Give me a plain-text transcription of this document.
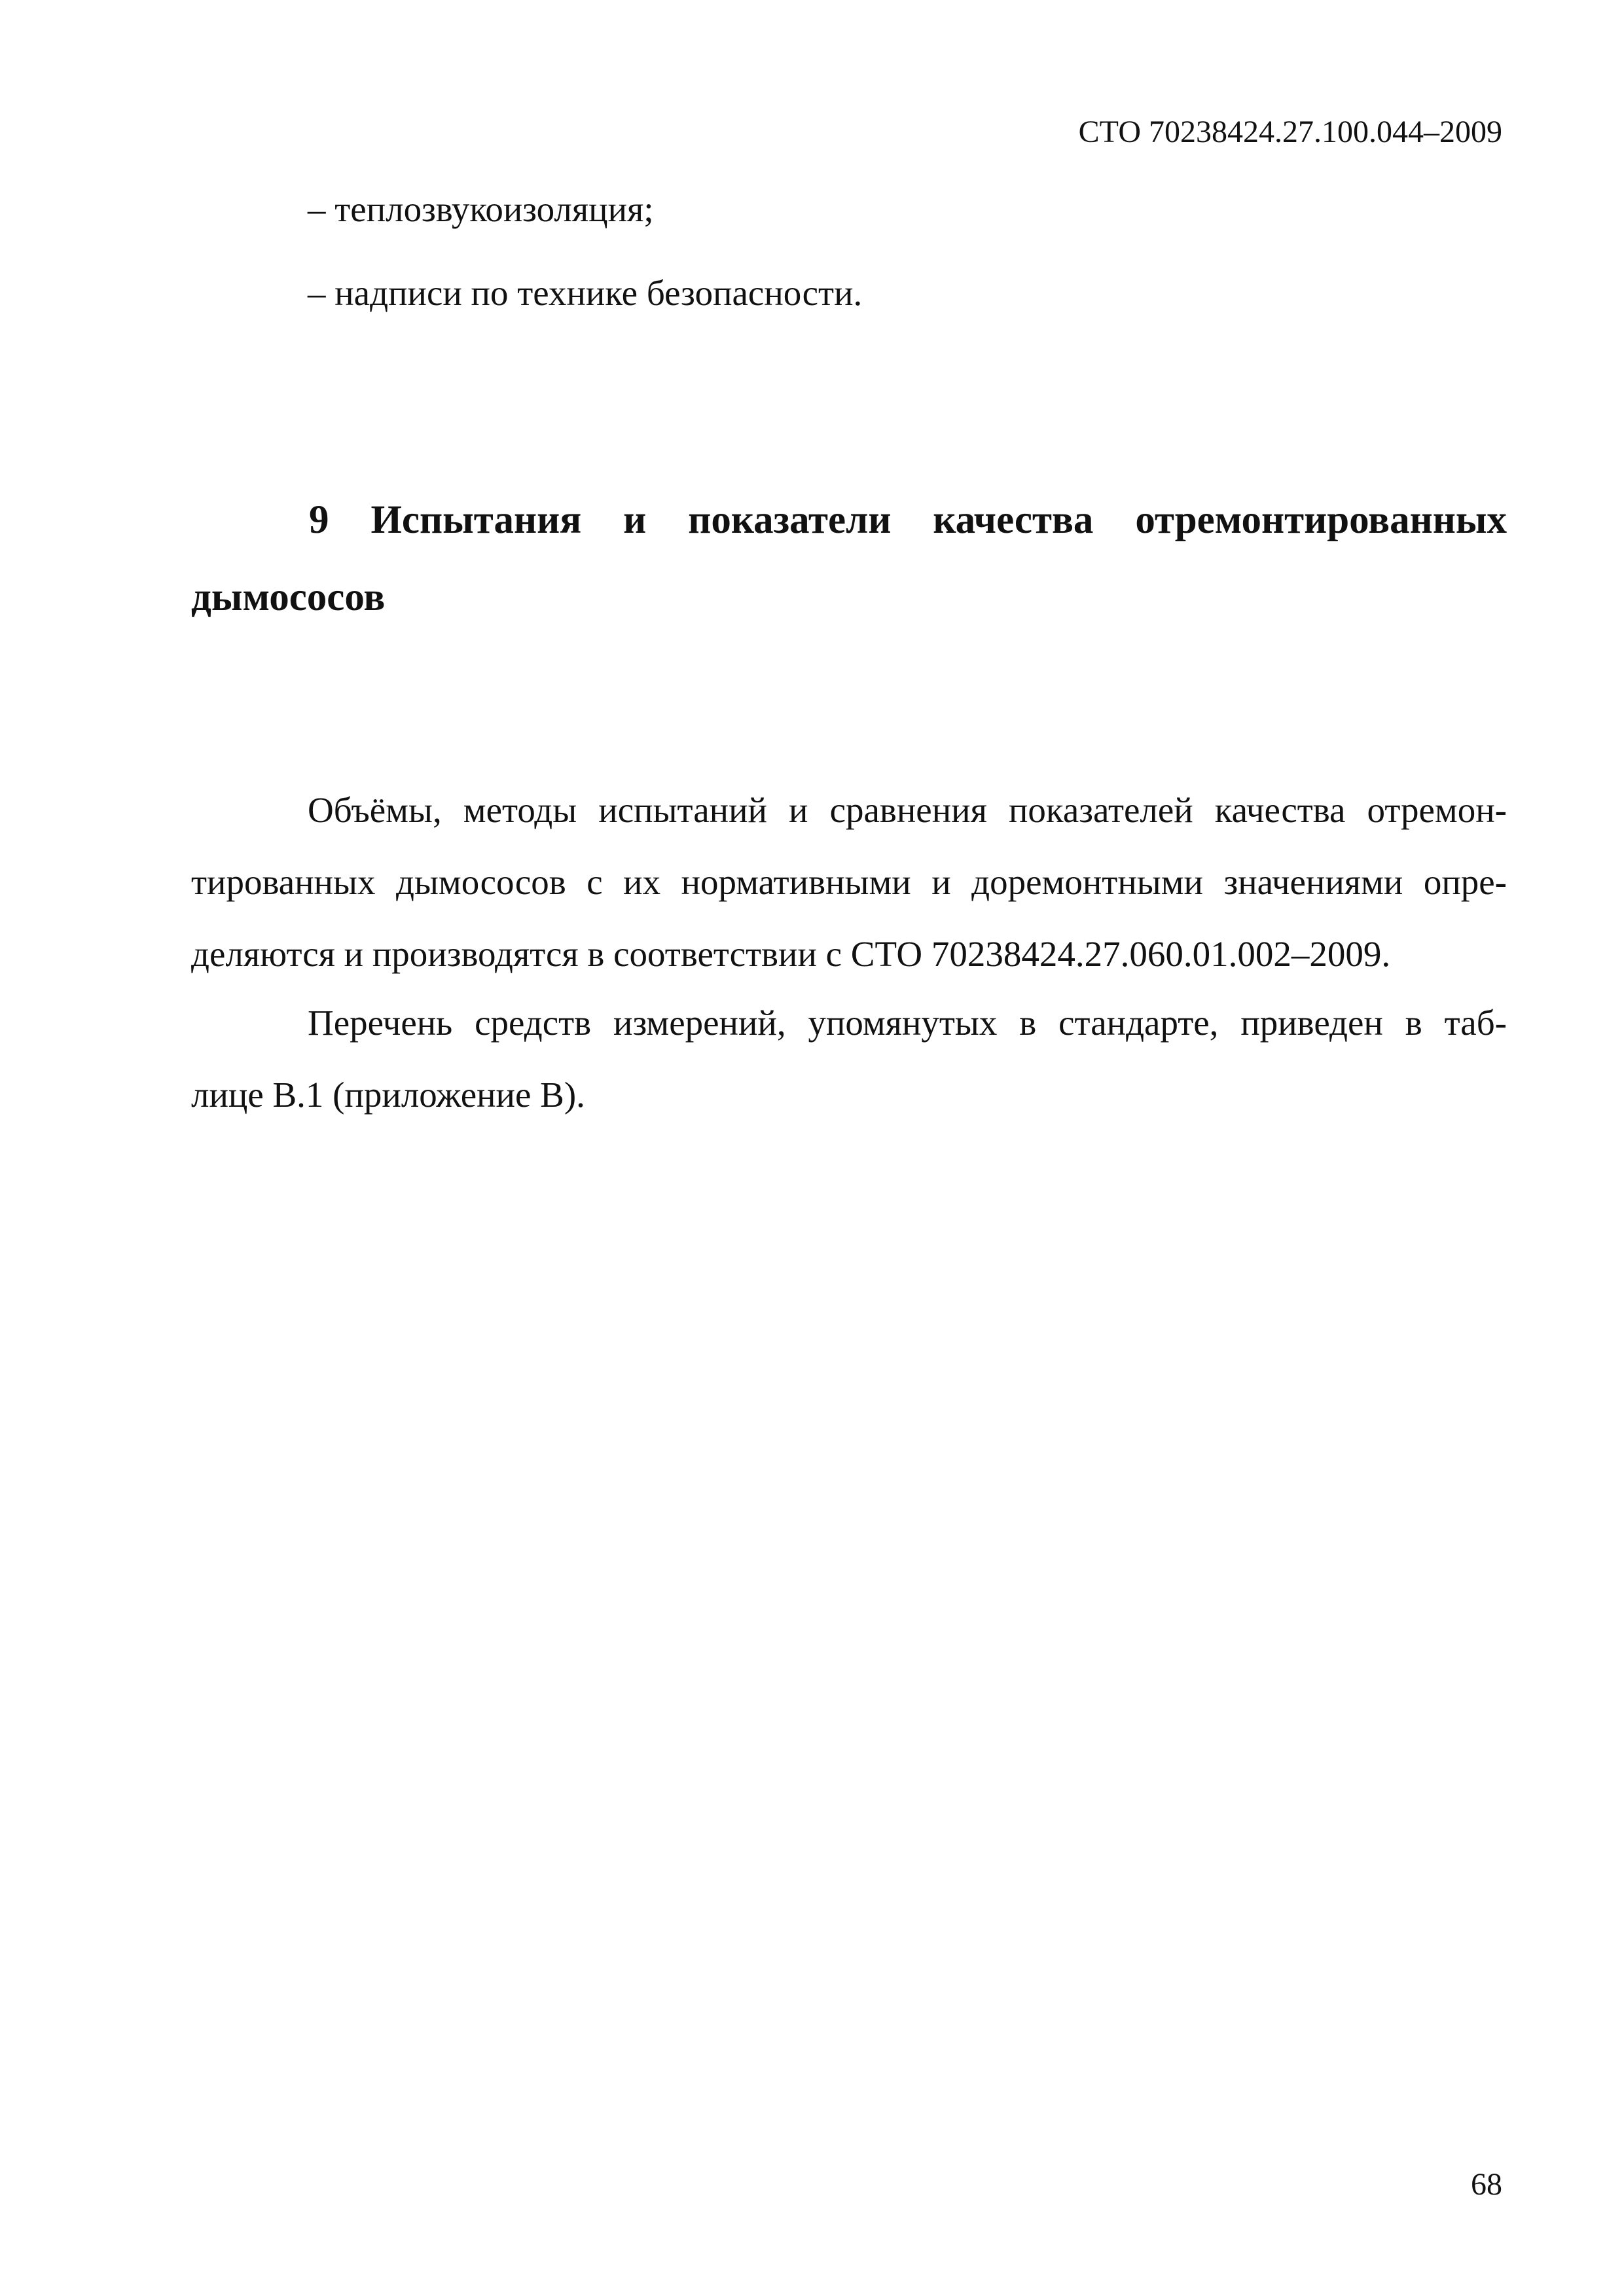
СТО 70238424.27.100.044–2009
– теплозвукоизоляция;
– надписи по технике безопасности.
9 Испытания и показатели качества отремонтированных
дымососов

Объёмы, методы испытаний и сравнения показателей качества отремон-
тированных дымососов с их нормативными и доремонтными значениями опре-
деляются и производятся в соответствии с СТО 70238424.27.060.01.002–2009.

Перечень средств измерений, упомянутых в стандарте, приведен в таб-
лице В.1 (приложение В).

68
